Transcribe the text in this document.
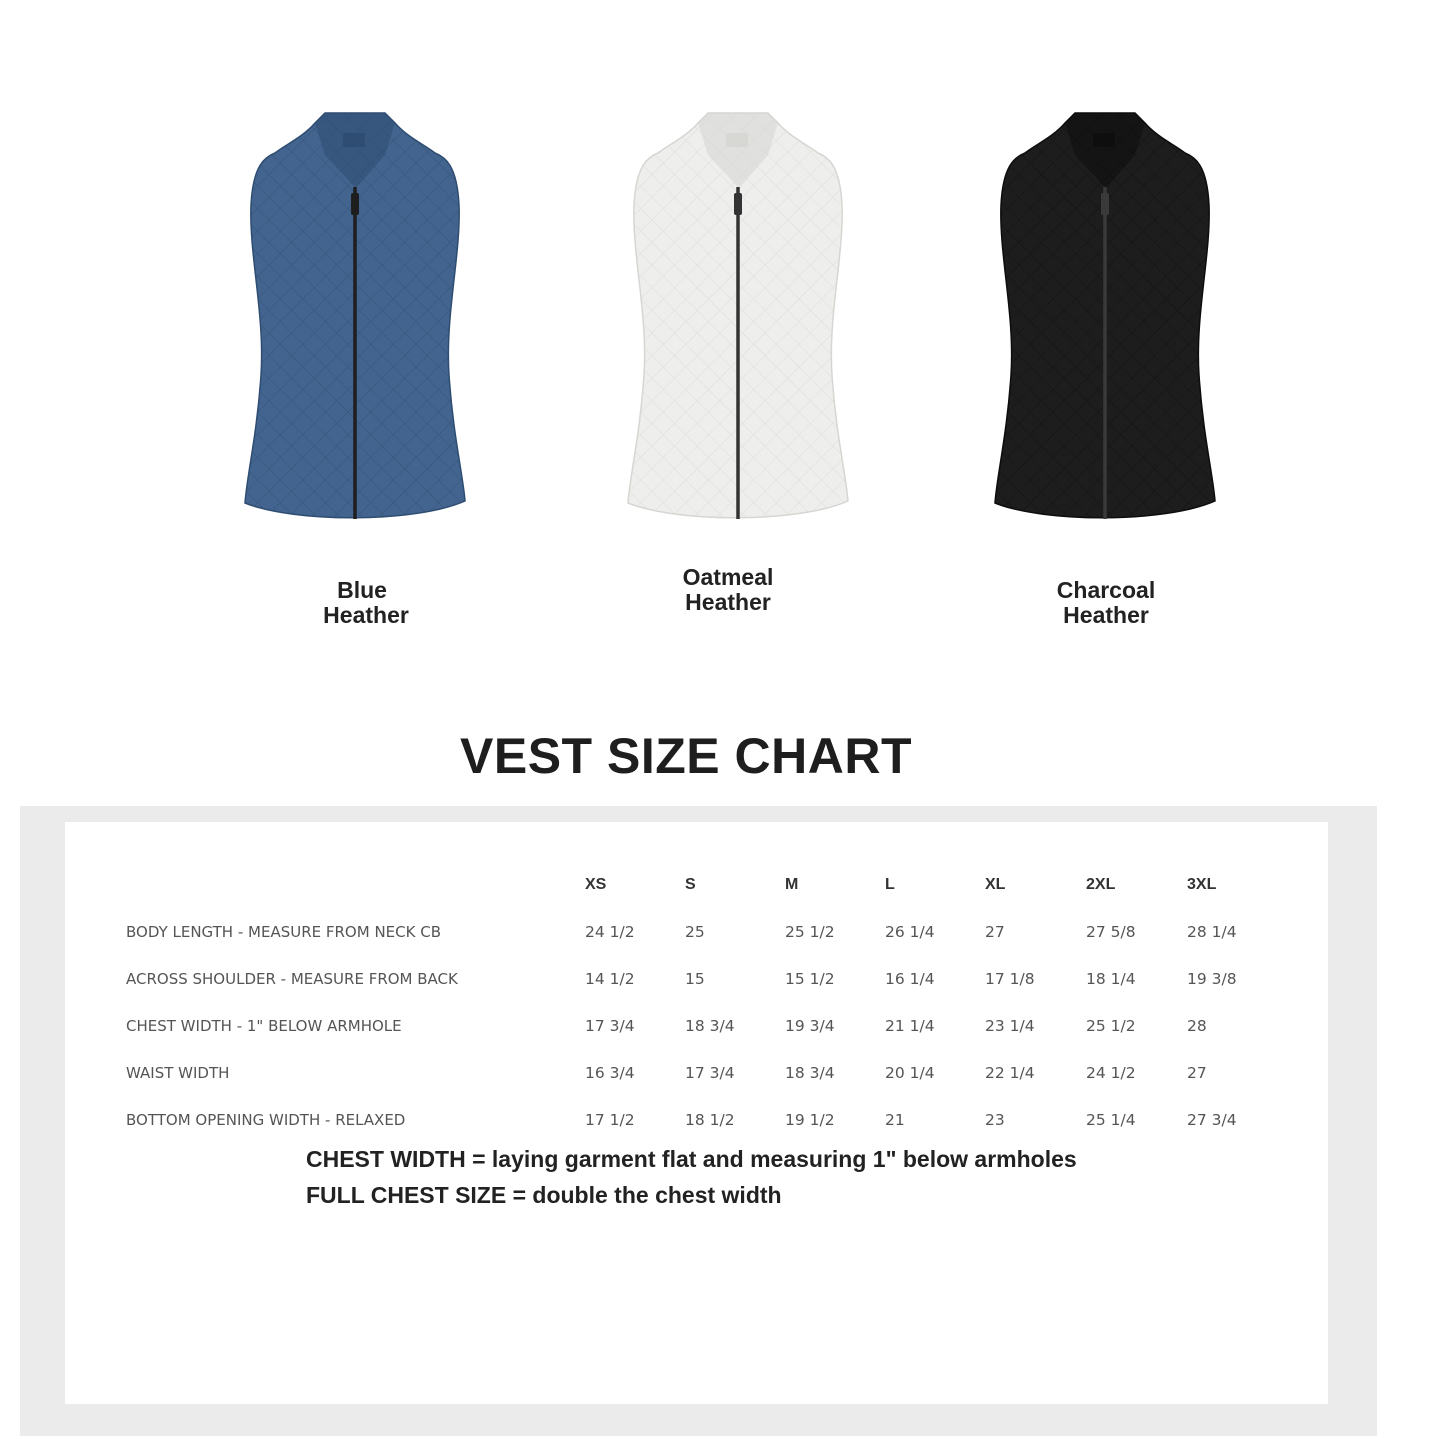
Blue
Heather
Oatmeal
Heather	Charcoal
Heather
VEST SIZE CHART
XS	S	M	L	XL	2XL	3XL
BODY LENGTH - MEASURE FROM NECK CB	24 1/2	25	25 1/2	26 1/4	27	27 5/8	28 1/4
ACROSS SHOULDER - MEASURE FROM BACK	14 1/2	15	15 1/2	16 1/4	17 1/8	18 1/4	19 3/8
CHEST WIDTH - 1" BELOW ARMHOLE	17 3/4	18 3/4	19 3/4	21 1/4	23 1/4	25 1/2	28
WAIST WIDTH	16 3/4	17 3/4	18 3/4	20 1/4	22 1/4	24 1/2	27
BOTTOM OPENING WIDTH - RELAXED	17 1/2	18 1/2	19 1/2	21	23	25 1/4	27 3/4
CHEST WIDTH = laying garment flat and measuring 1" below armholes
FULL CHEST SIZE = double the chest width
